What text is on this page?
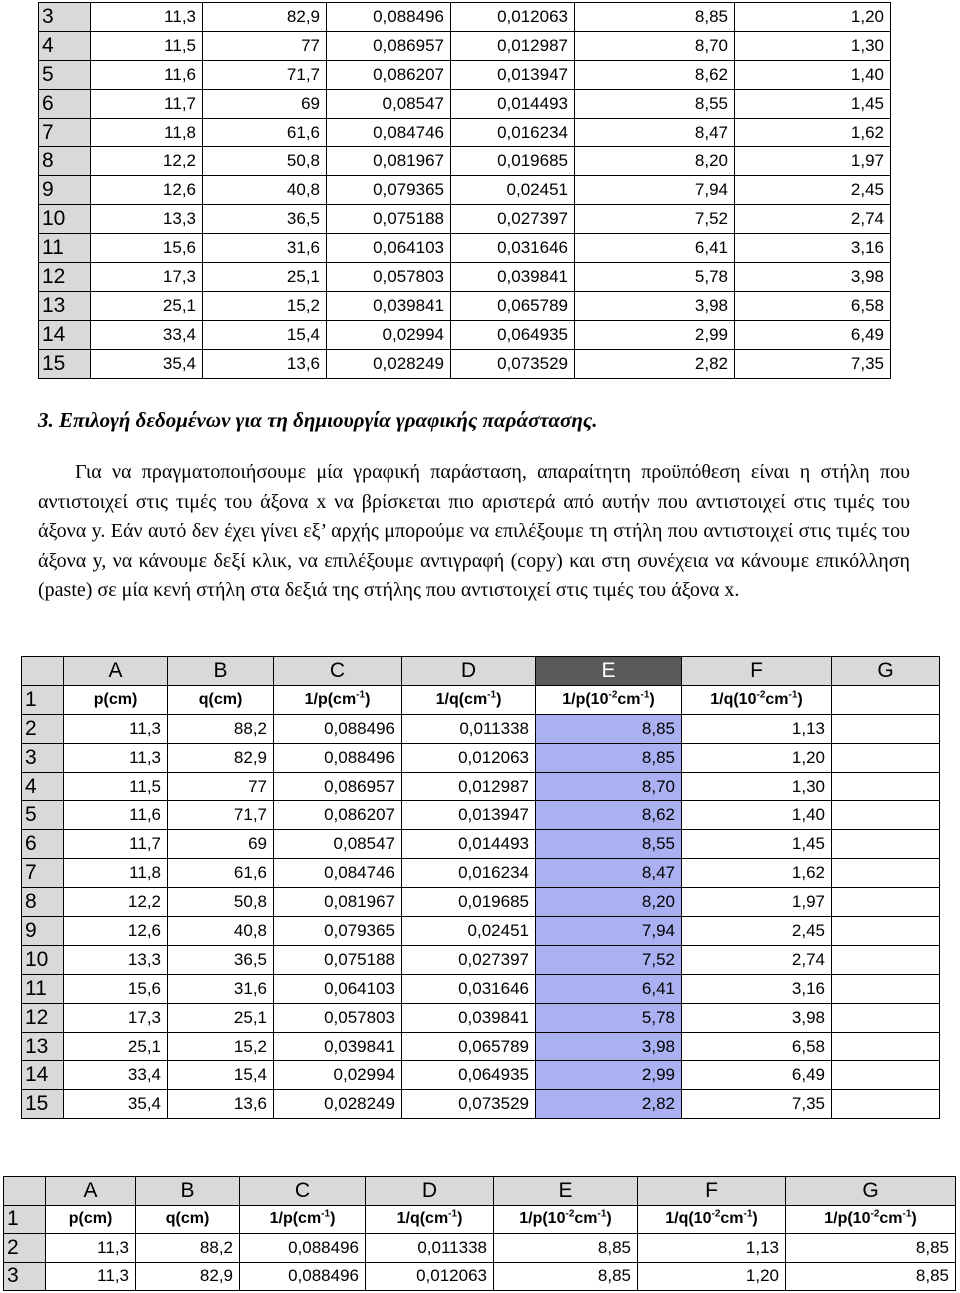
3	11,3	82,9	0,088496	0,012063	8,85	1,20
4	11,5	77	0,086957	0,012987	8,70	1,30
5	11,6	71,7	0,086207	0,013947	8,62	1,40
6	11,7	69	0,08547	0,014493	8,55	1,45
7	11,8	61,6	0,084746	0,016234	8,47	1,62
8	12,2	50,8	0,081967	0,019685	8,20	1,97
9	12,6	40,8	0,079365	0,02451	7,94	2,45
10	13,3	36,5	0,075188	0,027397	7,52	2,74
11	15,6	31,6	0,064103	0,031646	6,41	3,16
12	17,3	25,1	0,057803	0,039841	5,78	3,98
13	25,1	15,2	0,039841	0,065789	3,98	6,58
14	33,4	15,4	0,02994	0,064935	2,99	6,49
15	35,4	13,6	0,028249	0,073529	2,82	7,35
3. Επιλογή δεδομένων για τη δημιουργία γραφικής παράστασης.

Για να πραγματοποιήσουμε μία γραφική παράσταση, απαραίτητη προϋπόθεση είναι η στήλη που αντιστοιχεί στις τιμές του άξονα x να βρίσκεται πιο αριστερά από αυτήν που αντιστοιχεί στις τιμές του άξονα y. Εάν αυτό δεν έχει γίνει εξ’ αρχής μπορούμε να επιλέξουμε τη στήλη που αντιστοιχεί στις τιμές του άξονα y, να κάνουμε δεξί κλικ, να επιλέξουμε αντιγραφή (copy) και στη συνέχεια να κάνουμε επικόλληση (paste) σε μία κενή στήλη στα δεξιά της στήλης που αντιστοιχεί στις τιμές του άξονα x.

	A	B	C	D	E	F	G
1	p(cm)	q(cm)	$1/p(cm^{-1})$	$1/q(cm^{-1})$	$1/p(10^{-2}cm^{-1})$	$1/q(10^{-2}cm^{-1})$	
2	11,3	88,2	0,088496	0,011338	8,85	1,13	
3	11,3	82,9	0,088496	0,012063	8,85	1,20	
4	11,5	77	0,086957	0,012987	8,70	1,30	
5	11,6	71,7	0,086207	0,013947	8,62	1,40	
6	11,7	69	0,08547	0,014493	8,55	1,45	
7	11,8	61,6	0,084746	0,016234	8,47	1,62	
8	12,2	50,8	0,081967	0,019685	8,20	1,97	
9	12,6	40,8	0,079365	0,02451	7,94	2,45	
10	13,3	36,5	0,075188	0,027397	7,52	2,74	
11	15,6	31,6	0,064103	0,031646	6,41	3,16	
12	17,3	25,1	0,057803	0,039841	5,78	3,98	
13	25,1	15,2	0,039841	0,065789	3,98	6,58	
14	33,4	15,4	0,02994	0,064935	2,99	6,49	
15	35,4	13,6	0,028249	0,073529	2,82	7,35	
	A	B	C	D	E	F	G
1	p(cm)	q(cm)	$1/p(cm^{-1})$	$1/q(cm^{-1})$	$1/p(10^{-2}cm^{-1})$	$1/q(10^{-2}cm^{-1})$	$1/p(10^{-2}cm^{-1})$
2	11,3	88,2	0,088496	0,011338	8,85	1,13	8,85
3	11,3	82,9	0,088496	0,012063	8,85	1,20	8,85
